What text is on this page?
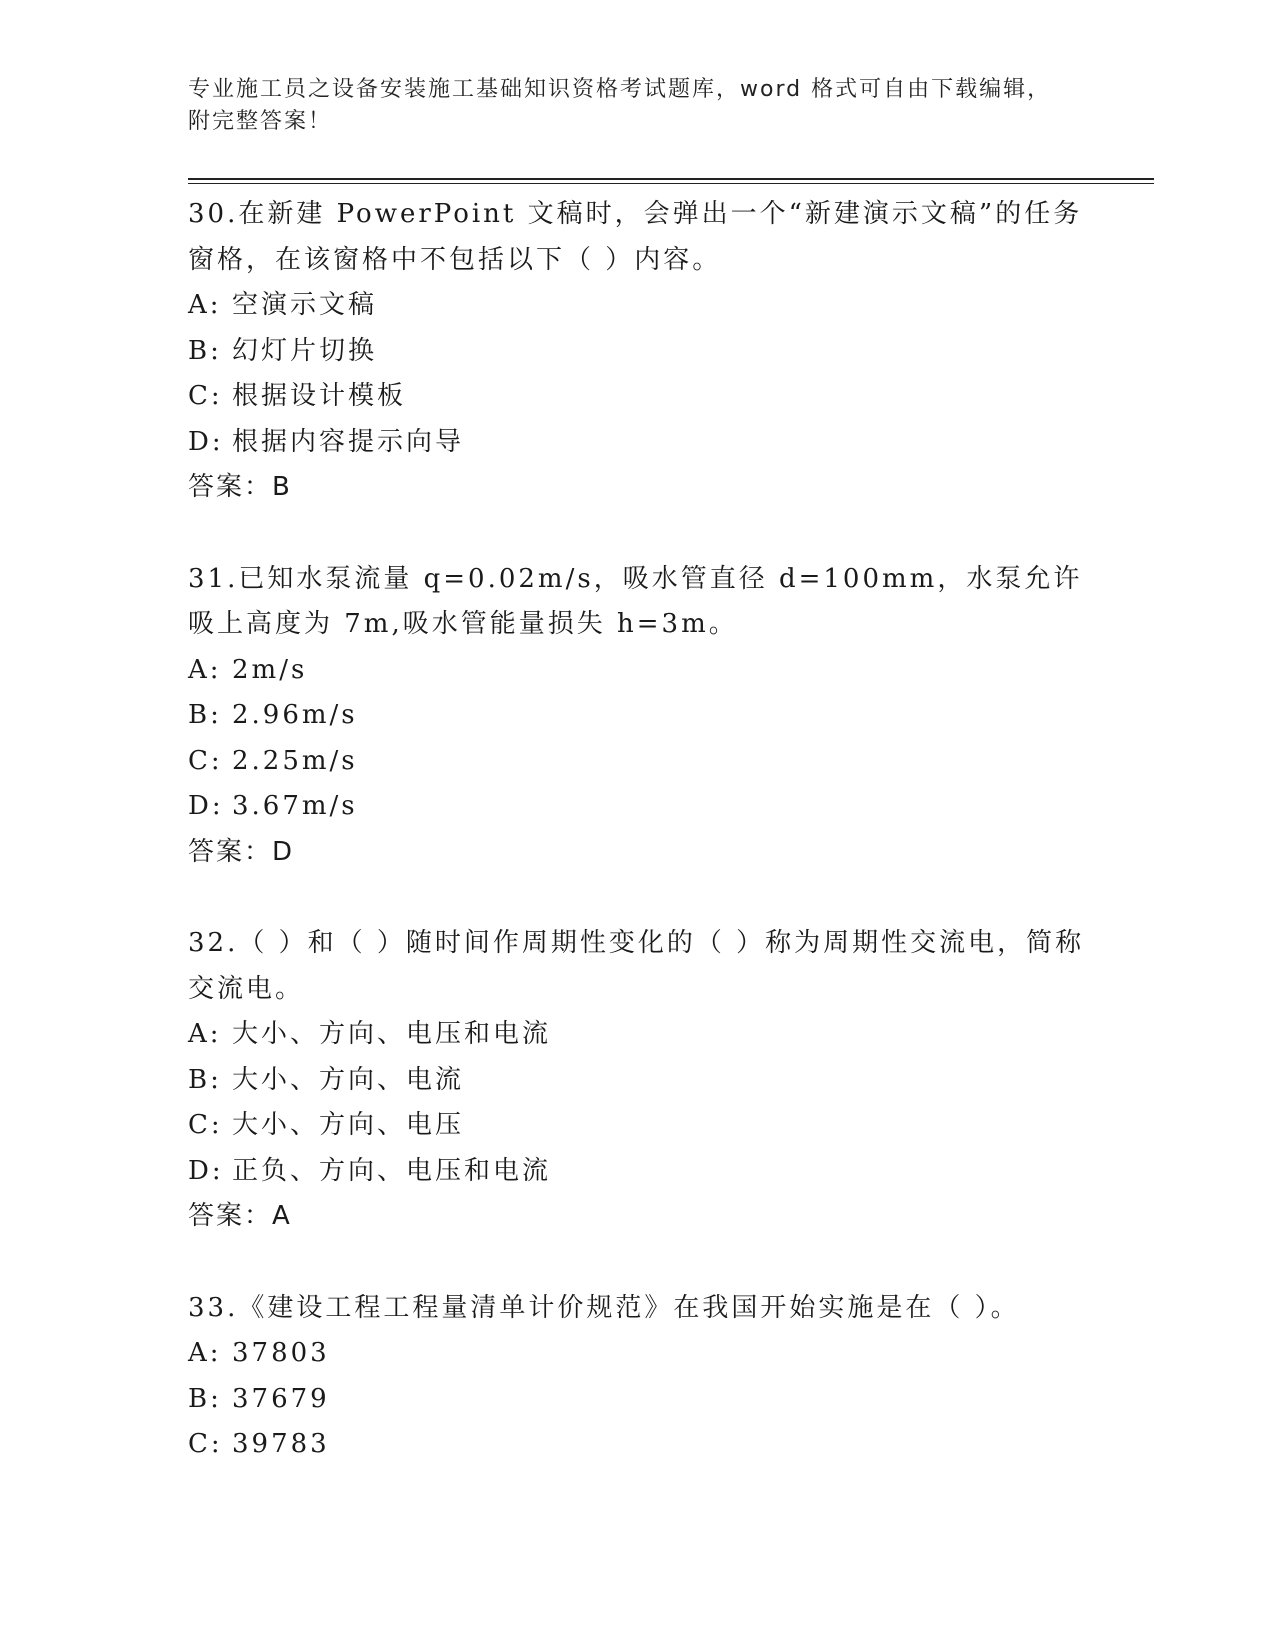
专业施工员之设备安装施工基础知识资格考试题库，word 格式可自由下载编辑，
附完整答案！

30.在新建 PowerPoint 文稿时，会弹出一个“新建演示文稿”的任务窗格，在该窗格中不包括以下（ ）内容。

A: 空演示文稿

B: 幻灯片切换

C: 根据设计模板

D: 根据内容提示向导

答案：B

31.已知水泵流量 q=0.02m/s，吸水管直径 d=100mm，水泵允许吸上高度为 7m,吸水管能量损失 h=3m。

A: 2m/s

B: 2.96m/s

C: 2.25m/s

D: 3.67m/s

答案：D

32.（ ）和（ ）随时间作周期性变化的（ ）称为周期性交流电，简称交流电。

A: 大小、方向、电压和电流

B: 大小、方向、电流

C: 大小、方向、电压

D: 正负、方向、电压和电流

答案：A

33.《建设工程工程量清单计价规范》在我国开始实施是在（ ）。

A: 37803

B: 37679

C: 39783
